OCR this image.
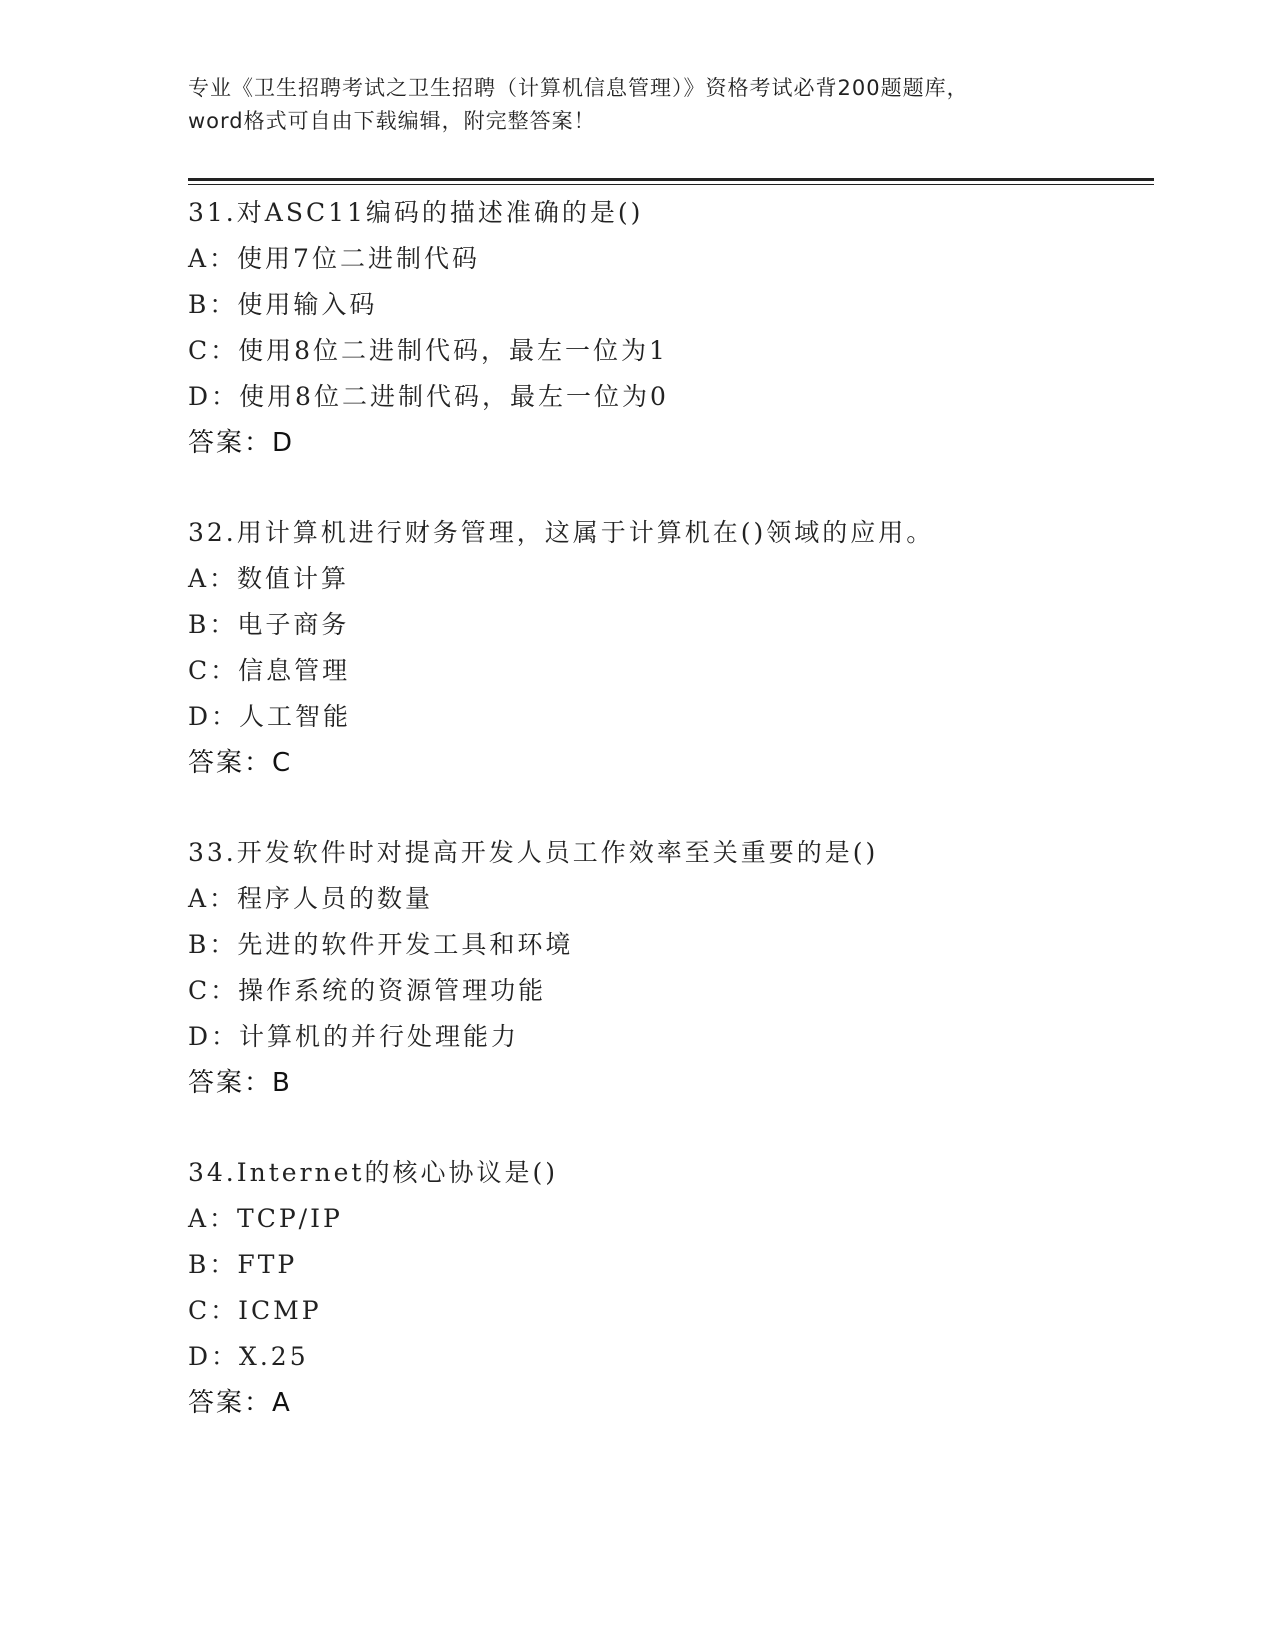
专业《卫生招聘考试之卫生招聘（计算机信息管理）》资格考试必背200题题库，
word格式可自由下载编辑，附完整答案！
31.对ASC11编码的描述准确的是()
A：使用7位二进制代码
B：使用输入码
C：使用8位二进制代码，最左一位为1
D：使用8位二进制代码，最左一位为0
答案：D
32.用计算机进行财务管理，这属于计算机在()领域的应用。
A：数值计算
B：电子商务
C：信息管理
D：人工智能
答案：C
33.开发软件时对提高开发人员工作效率至关重要的是()
A：程序人员的数量
B：先进的软件开发工具和环境
C：操作系统的资源管理功能
D：计算机的并行处理能力
答案：B
34.Internet的核心协议是()
A：TCP/IP
B：FTP
C：ICMP
D：X.25
答案：A
